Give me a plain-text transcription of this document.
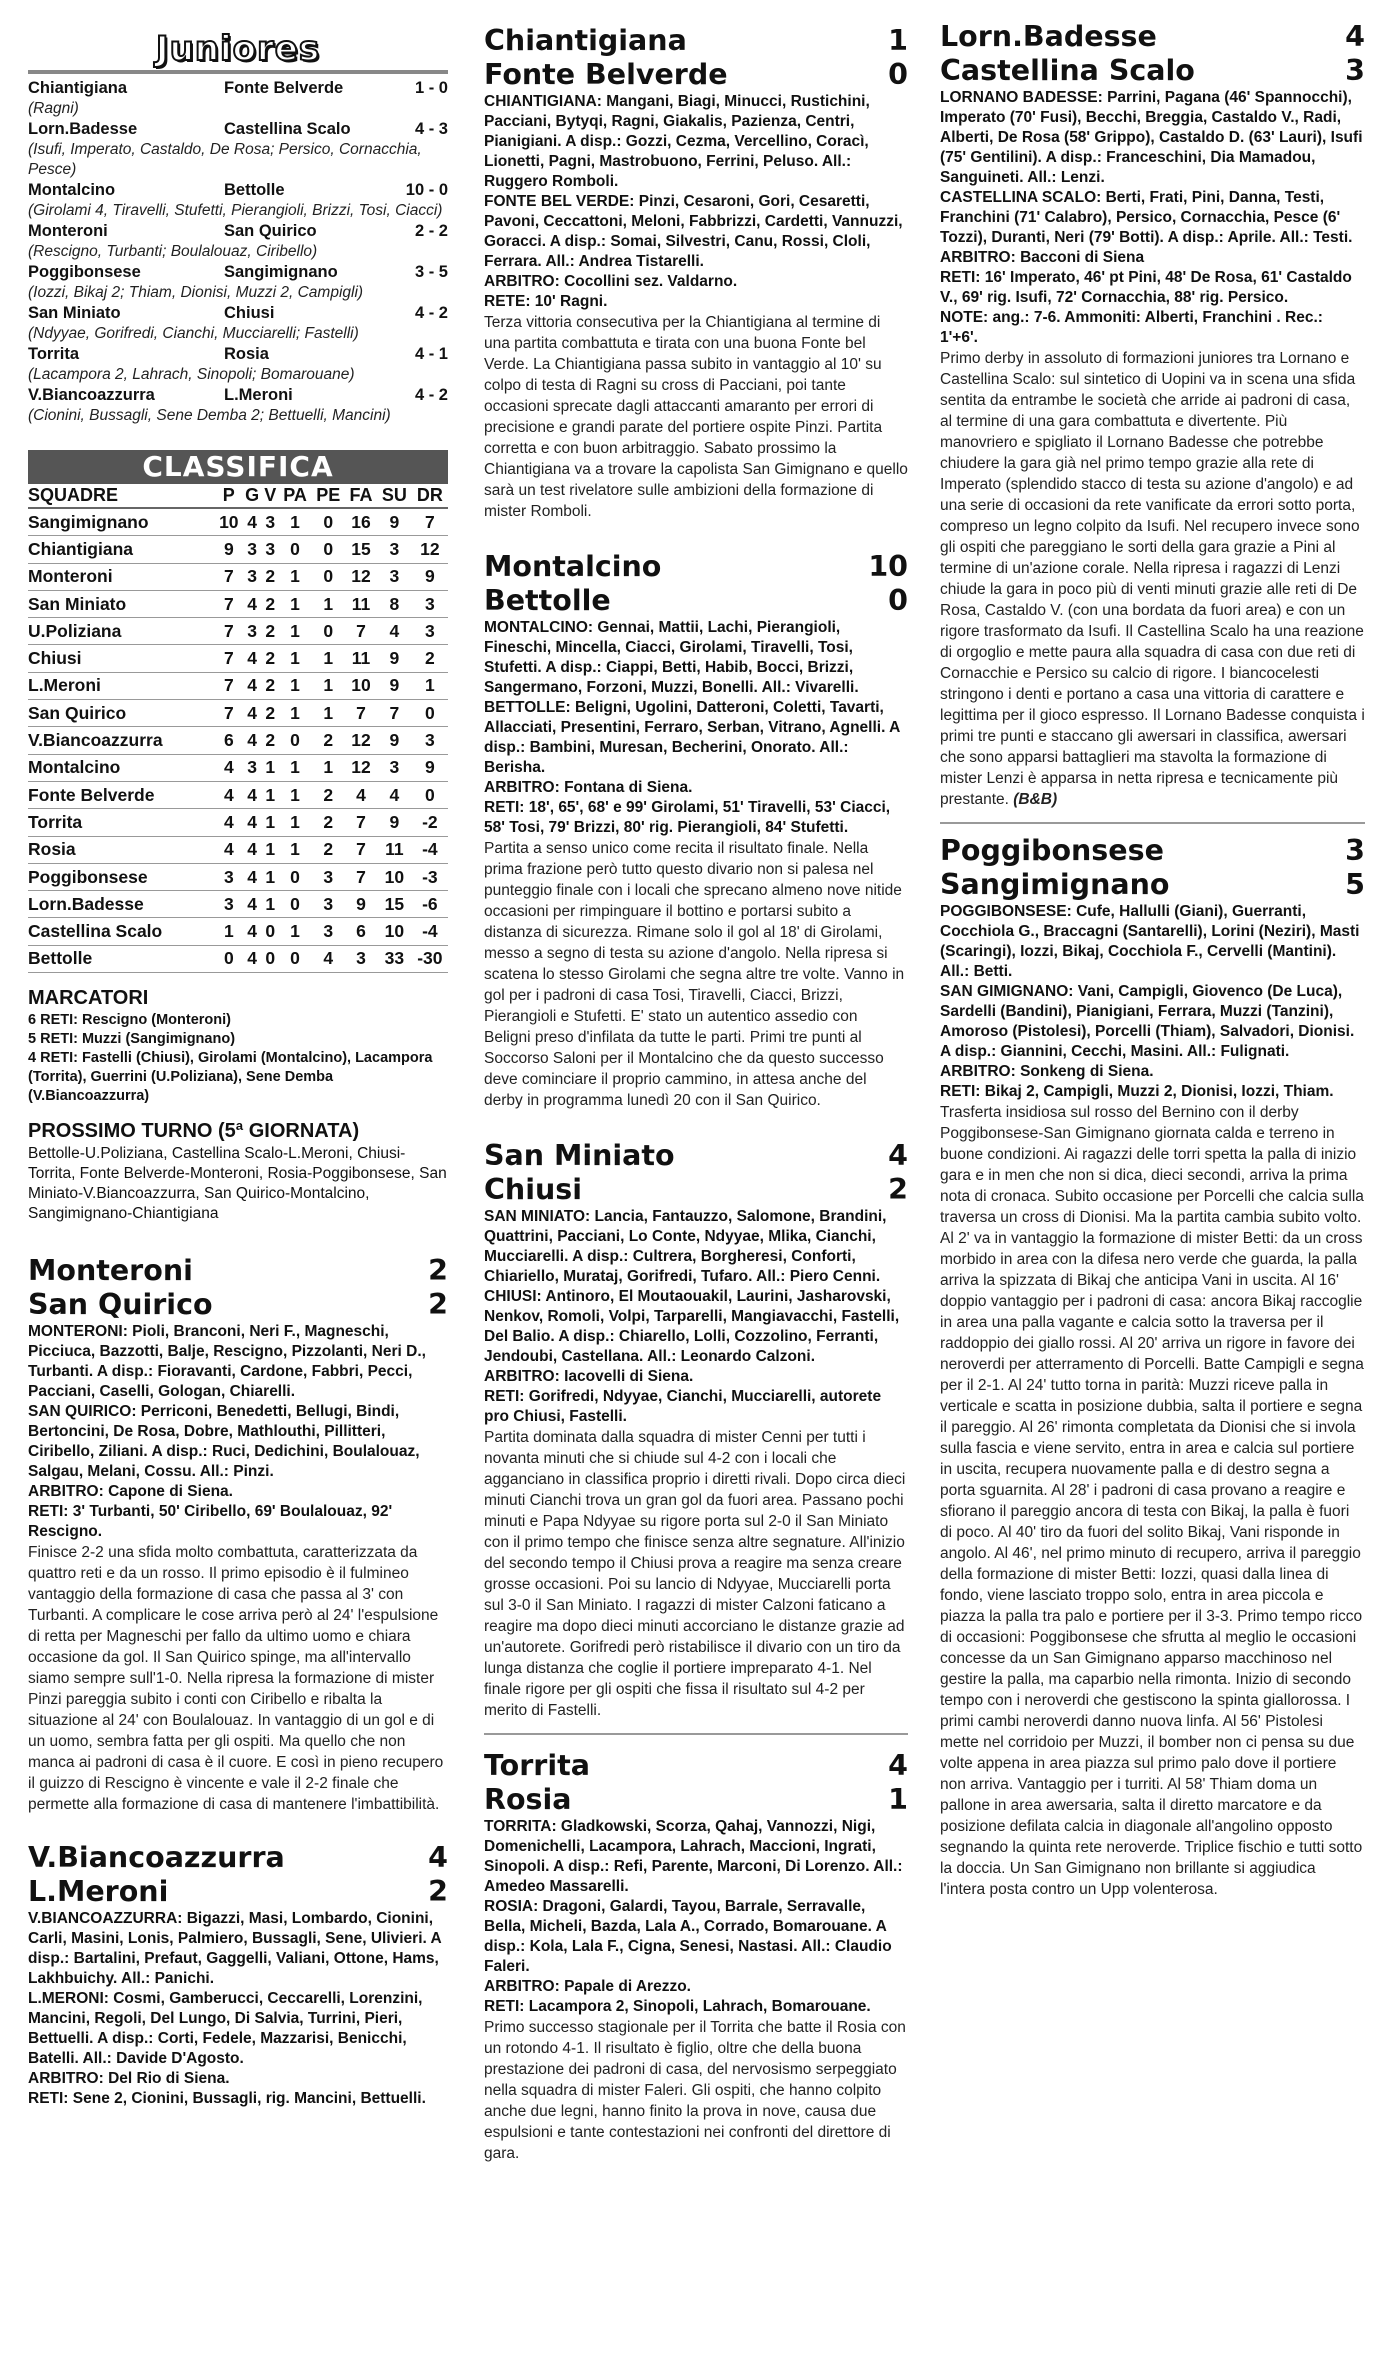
Juniores
Chiantigiana	Fonte Belverde	1 - 0
(Ragni)
Lorn.Badesse	Castellina Scalo	4 - 3
(Isufi, Imperato, Castaldo, De Rosa; Persico, Cornacchia, Pesce)
Montalcino	Bettolle	10 - 0
(Girolami 4, Tiravelli, Stufetti, Pierangioli, Brizzi, Tosi, Ciacci)
Monteroni	San Quirico	2 - 2
(Rescigno, Turbanti; Boulalouaz, Ciribello)
Poggibonsese	Sangimignano	3 - 5
(Iozzi, Bikaj 2; Thiam, Dionisi, Muzzi 2, Campigli)
San Miniato	Chiusi	4 - 2
(Ndyyae, Gorifredi, Cianchi, Mucciarelli; Fastelli)
Torrita	Rosia	4 - 1
(Lacampora 2, Lahrach, Sinopoli; Bomarouane)
V.Biancoazzurra	L.Meroni	4 - 2
(Cionini, Bussagli, Sene Demba 2; Bettuelli, Mancini)
CLASSIFICA
SQUADRE	P	G	V	PA	PE	FA	SU	DR
Sangimignano	10	4	3	1	0	16	9	7
Chiantigiana	9	3	3	0	0	15	3	12
Monteroni	7	3	2	1	0	12	3	9
San Miniato	7	4	2	1	1	11	8	3
U.Poliziana	7	3	2	1	0	7	4	3
Chiusi	7	4	2	1	1	11	9	2
L.Meroni	7	4	2	1	1	10	9	1
San Quirico	7	4	2	1	1	7	7	0
V.Biancoazzurra	6	4	2	0	2	12	9	3
Montalcino	4	3	1	1	1	12	3	9
Fonte Belverde	4	4	1	1	2	4	4	0
Torrita	4	4	1	1	2	7	9	-2
Rosia	4	4	1	1	2	7	11	-4
Poggibonsese	3	4	1	0	3	7	10	-3
Lorn.Badesse	3	4	1	0	3	9	15	-6
Castellina Scalo	1	4	0	1	3	6	10	-4
Bettolle	0	4	0	0	4	3	33	-30
MARCATORI
6 RETI: Rescigno (Monteroni)
5 RETI: Muzzi (Sangimignano)
4 RETI: Fastelli (Chiusi), Girolami (Montalcino), Lacampora (Torrita), Guerrini (U.Poliziana), Sene Demba (V.Biancoazzurra)
PROSSIMO TURNO (5ª GIORNATA)
Bettolle-U.Poliziana, Castellina Scalo-L.Meroni, Chiusi-Torrita, Fonte Belverde-Monteroni, Rosia-Poggibonsese, San Miniato-V.Biancoazzurra, San Quirico-Montalcino, Sangimignano-Chiantigiana
Monteroni	2
San Quirico	2

MONTERONI: Pioli, Branconi, Neri F., Magneschi, Picciuca, Bazzotti, Balje, Rescigno, Pizzolanti, Neri D., Turbanti. A disp.: Fioravanti, Cardone, Fabbri, Pecci, Pacciani, Caselli, Gologan, Chiarelli.

SAN QUIRICO: Perriconi, Benedetti, Bellugi, Bindi, Bertoncini, De Rosa, Dobre, Mathlouthi, Pillitteri, Ciribello, Ziliani. A disp.: Ruci, Dedichini, Boulalouaz, Salgau, Melani, Cossu. All.: Pinzi.

ARBITRO: Capone di Siena.

RETI: 3' Turbanti, 50' Ciribello, 69' Boulalouaz, 92' Rescigno.

Finisce 2-2 una sfida molto combattuta, caratterizzata da quattro reti e da un rosso. Il primo episodio è il fulmineo vantaggio della formazione di casa che passa al 3' con Turbanti. A complicare le cose arriva però al 24' l'espulsione di retta per Magneschi per fallo da ultimo uomo e chiara occasione da gol. Il San Quirico spinge, ma all'intervallo siamo sempre sull'1-0. Nella ripresa la formazione di mister Pinzi pareggia subito i conti con Ciribello e ribalta la situazione al 24' con Boulalouaz. In vantaggio di un gol e di un uomo, sembra fatta per gli ospiti. Ma quello che non manca ai padroni di casa è il cuore. E così in pieno recupero il guizzo di Rescigno è vincente e vale il 2-2 finale che permette alla formazione di casa di mantenere l'imbattibilità.

V.Biancoazzurra	4
L.Meroni	2

V.BIANCOAZZURRA: Bigazzi, Masi, Lombardo, Cionini, Carli, Masini, Lonis, Palmiero, Bussagli, Sene, Ulivieri. A disp.: Bartalini, Prefaut, Gaggelli, Valiani, Ottone, Hams, Lakhbuichy. All.: Panichi.

L.MERONI: Cosmi, Gamberucci, Ceccarelli, Lorenzini, Mancini, Regoli, Del Lungo, Di Salvia, Turrini, Pieri, Bettuelli. A disp.: Corti, Fedele, Mazzarisi, Benicchi, Batelli. All.: Davide D'Agosto.

ARBITRO: Del Rio di Siena.

RETI: Sene 2, Cionini, Bussagli, rig. Mancini, Bettuelli.

Chiantigiana	1
Fonte Belverde	0

CHIANTIGIANA: Mangani, Biagi, Minucci, Rustichini, Pacciani, Bytyqi, Ragni, Giakalis, Pazienza, Centri, Pianigiani. A disp.: Gozzi, Cezma, Vercellino, Coracì, Lionetti, Pagni, Mastrobuono, Ferrini, Peluso. All.: Ruggero Romboli.

FONTE BEL VERDE: Pinzi, Cesaroni, Gori, Cesaretti, Pavoni, Ceccattoni, Meloni, Fabbrizzi, Cardetti, Vannuzzi, Goracci. A disp.: Somai, Silvestri, Canu, Rossi, Cloli, Ferrara. All.: Andrea Tistarelli.

ARBITRO: Cocollini sez. Valdarno.

RETE: 10' Ragni.

Terza vittoria consecutiva per la Chiantigiana al termine di una partita combattuta e tirata con una buona Fonte bel Verde. La Chiantigiana passa subito in vantaggio al 10' su colpo di testa di Ragni su cross di Pacciani, poi tante occasioni sprecate dagli attaccanti amaranto per errori di precisione e grandi parate del portiere ospite Pinzi. Partita corretta e con buon arbitraggio. Sabato prossimo la Chiantigiana va a trovare la capolista San Gimignano e quello sarà un test rivelatore sulle ambizioni della formazione di mister Romboli.

Montalcino	10
Bettolle	0

MONTALCINO: Gennai, Mattii, Lachi, Pierangioli, Fineschi, Mincella, Ciacci, Girolami, Tiravelli, Tosi, Stufetti. A disp.: Ciappi, Betti, Habib, Bocci, Brizzi, Sangermano, Forzoni, Muzzi, Bonelli. All.: Vivarelli.

BETTOLLE: Beligni, Ugolini, Datteroni, Coletti, Tavarti, Allacciati, Presentini, Ferraro, Serban, Vitrano, Agnelli. A disp.: Bambini, Muresan, Becherini, Onorato. All.: Berisha.

ARBITRO: Fontana di Siena.

RETI: 18', 65', 68' e 99' Girolami, 51' Tiravelli, 53' Ciacci, 58' Tosi, 79' Brizzi, 80' rig. Pierangioli, 84' Stufetti.

Partita a senso unico come recita il risultato finale. Nella prima frazione però tutto questo divario non si palesa nel punteggio finale con i locali che sprecano almeno nove nitide occasioni per rimpinguare il bottino e portarsi subito a distanza di sicurezza. Rimane solo il gol al 18' di Girolami, messo a segno di testa su azione d'angolo. Nella ripresa si scatena lo stesso Girolami che segna altre tre volte. Vanno in gol per i padroni di casa Tosi, Tiravelli, Ciacci, Brizzi, Pierangioli e Stufetti. E' stato un autentico assedio con Beligni preso d'infilata da tutte le parti. Primi tre punti al Soccorso Saloni per il Montalcino che da questo successo deve cominciare il proprio cammino, in attesa anche del derby in programma lunedì 20 con il San Quirico.

San Miniato	4
Chiusi	2

SAN MINIATO: Lancia, Fantauzzo, Salomone, Brandini, Quattrini, Pacciani, Lo Conte, Ndyyae, Mlika, Cianchi, Mucciarelli. A disp.: Cultrera, Borgheresi, Conforti, Chiariello, Murataj, Gorifredi, Tufaro. All.: Piero Cenni.

CHIUSI: Antinoro, El Moutaouakil, Laurini, Jasharovski, Nenkov, Romoli, Volpi, Tarparelli, Mangiavacchi, Fastelli, Del Balio. A disp.: Chiarello, Lolli, Cozzolino, Ferranti, Jendoubi, Castellana. All.: Leonardo Calzoni.

ARBITRO: Iacovelli di Siena.

RETI: Gorifredi, Ndyyae, Cianchi, Mucciarelli, autorete pro Chiusi, Fastelli.

Partita dominata dalla squadra di mister Cenni per tutti i novanta minuti che si chiude sul 4-2 con i locali che agganciano in classifica proprio i diretti rivali. Dopo circa dieci minuti Cianchi trova un gran gol da fuori area. Passano pochi minuti e Papa Ndyyae su rigore porta sul 2-0 il San Miniato con il primo tempo che finisce senza altre segnature. All'inizio del secondo tempo il Chiusi prova a reagire ma senza creare grosse occasioni. Poi su lancio di Ndyyae, Mucciarelli porta sul 3-0 il San Miniato. I ragazzi di mister Calzoni faticano a reagire ma dopo dieci minuti accorciano le distanze grazie ad un'autorete. Gorifredi però ristabilisce il divario con un tiro da lunga distanza che coglie il portiere impreparato 4-1. Nel finale rigore per gli ospiti che fissa il risultato sul 4-2 per merito di Fastelli.

Torrita	4
Rosia	1

TORRITA: Gladkowski, Scorza, Qahaj, Vannozzi, Nigi, Domenichelli, Lacampora, Lahrach, Maccioni, Ingrati, Sinopoli. A disp.: Refi, Parente, Marconi, Di Lorenzo. All.: Amedeo Massarelli.

ROSIA: Dragoni, Galardi, Tayou, Barrale, Serravalle, Bella, Micheli, Bazda, Lala A., Corrado, Bomarouane. A disp.: Kola, Lala F., Cigna, Senesi, Nastasi. All.: Claudio Faleri.

ARBITRO: Papale di Arezzo.

RETI: Lacampora 2, Sinopoli, Lahrach, Bomarouane.

Primo successo stagionale per il Torrita che batte il Rosia con un rotondo 4-1. Il risultato è figlio, oltre che della buona prestazione dei padroni di casa, del nervosismo serpeggiato nella squadra di mister Faleri. Gli ospiti, che hanno colpito anche due legni, hanno finito la prova in nove, causa due espulsioni e tante contestazioni nei confronti del direttore di gara.

Lorn.Badesse	4
Castellina Scalo	3

LORNANO BADESSE: Parrini, Pagana (46' Spannocchi), Imperato (70' Fusi), Becchi, Breggia, Castaldo V., Radi, Alberti, De Rosa (58' Grippo), Castaldo D. (63' Lauri), Isufi (75' Gentilini). A disp.: Franceschini, Dia Mamadou, Sanguineti. All.: Lenzi.

CASTELLINA SCALO: Berti, Frati, Pini, Danna, Testi, Franchini (71' Calabro), Persico, Cornacchia, Pesce (6' Tozzi), Duranti, Neri (79' Botti). A disp.: Aprile. All.: Testi.

ARBITRO: Bacconi di Siena

RETI: 16' Imperato, 46' pt Pini, 48' De Rosa, 61' Castaldo V., 69' rig. Isufi, 72' Cornacchia, 88' rig. Persico.

NOTE: ang.: 7-6. Ammoniti: Alberti, Franchini . Rec.: 1'+6'.

Primo derby in assoluto di formazioni juniores tra Lornano e Castellina Scalo: sul sintetico di Uopini va in scena una sfida sentita da entrambe le società che arride ai padroni di casa, al termine di una gara combattuta e divertente. Più manovriero e spigliato il Lornano Badesse che potrebbe chiudere la gara già nel primo tempo grazie alla rete di Imperato (splendido stacco di testa su azione d'angolo) e ad una serie di occasioni da rete vanificate da errori sotto porta, compreso un legno colpito da Isufi. Nel recupero invece sono gli ospiti che pareggiano le sorti della gara grazie a Pini al termine di un'azione corale. Nella ripresa i ragazzi di Lenzi chiude la gara in poco più di venti minuti grazie alle reti di De Rosa, Castaldo V. (con una bordata da fuori area) e con un rigore trasformato da Isufi. Il Castellina Scalo ha una reazione di orgoglio e mette paura alla squadra di casa con due reti di Cornacchie e Persico su calcio di rigore. I biancocelesti stringono i denti e portano a casa una vittoria di carattere e legittima per il gioco espresso. Il Lornano Badesse conquista i primi tre punti e staccano gli awersari in classifica, awersari che sono apparsi battaglieri ma stavolta la formazione di mister Lenzi è apparsa in netta ripresa e tecnicamente più prestante. (B&B)

Poggibonsese	3
Sangimignano	5

POGGIBONSESE: Cufe, Hallulli (Giani), Guerranti, Cocchiola G., Braccagni (Santarelli), Lorini (Neziri), Masti (Scaringi), Iozzi, Bikaj, Cocchiola F., Cervelli (Mantini). All.: Betti.

SAN GIMIGNANO: Vani, Campigli, Giovenco (De Luca), Sardelli (Bandini), Pianigiani, Ferrara, Muzzi (Tanzini), Amoroso (Pistolesi), Porcelli (Thiam), Salvadori, Dionisi. A disp.: Giannini, Cecchi, Masini. All.: Fulignati.

ARBITRO: Sonkeng di Siena.

RETI: Bikaj 2, Campigli, Muzzi 2, Dionisi, Iozzi, Thiam.

Trasferta insidiosa sul rosso del Bernino con il derby Poggibonsese-San Gimignano giornata calda e terreno in buone condizioni. Ai ragazzi delle torri spetta la palla di inizio gara e in men che non si dica, dieci secondi, arriva la prima nota di cronaca. Subito occasione per Porcelli che calcia sulla traversa un cross di Dionisi. Ma la partita cambia subito volto. Al 2' va in vantaggio la formazione di mister Betti: da un cross morbido in area con la difesa nero verde che guarda, la palla arriva la spizzata di Bikaj che anticipa Vani in uscita. Al 16' doppio vantaggio per i padroni di casa: ancora Bikaj raccoglie in area una palla vagante e calcia sotto la traversa per il raddoppio dei giallo rossi. Al 20' arriva un rigore in favore dei neroverdi per atterramento di Porcelli. Batte Campigli e segna per il 2-1. Al 24' tutto torna in parità: Muzzi riceve palla in verticale e scatta in posizione dubbia, salta il portiere e segna il pareggio. Al 26' rimonta completata da Dionisi che si invola sulla fascia e viene servito, entra in area e calcia sul portiere in uscita, recupera nuovamente palla e di destro segna a porta sguarnita. Al 28' i padroni di casa provano a reagire e sfiorano il pareggio ancora di testa con Bikaj, la palla è fuori di poco. Al 40' tiro da fuori del solito Bikaj, Vani risponde in angolo. Al 46', nel primo minuto di recupero, arriva il pareggio della formazione di mister Betti: Iozzi, quasi dalla linea di fondo, viene lasciato troppo solo, entra in area piccola e piazza la palla tra palo e portiere per il 3-3. Primo tempo ricco di occasioni: Poggibonsese che sfrutta al meglio le occasioni concesse da un San Gimignano apparso macchinoso nel gestire la palla, ma caparbio nella rimonta. Inizio di secondo tempo con i neroverdi che gestiscono la spinta giallorossa. I primi cambi neroverdi danno nuova linfa. Al 56' Pistolesi mette nel corridoio per Muzzi, il bomber non ci pensa su due volte appena in area piazza sul primo palo dove il portiere non arriva. Vantaggio per i turriti. Al 58' Thiam doma un pallone in area awersaria, salta il diretto marcatore e da posizione defilata calcia in diagonale all'angolino opposto segnando la quinta rete neroverde. Triplice fischio e tutti sotto la doccia. Un San Gimignano non brillante si aggiudica l'intera posta contro un Upp volenterosa.
